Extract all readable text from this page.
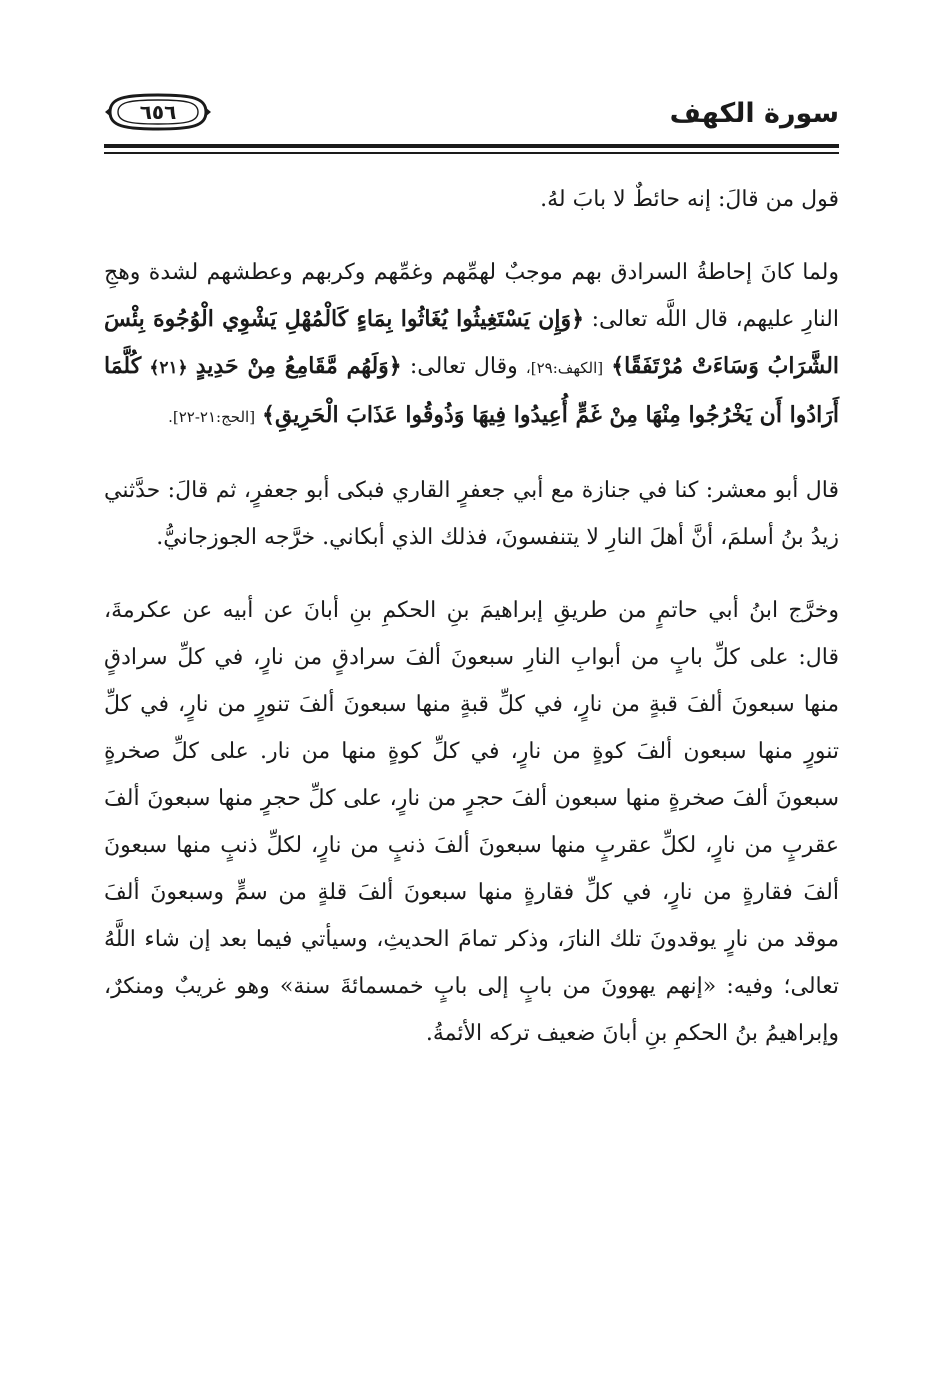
٦٥٦	سورة الكهف

قول من قالَ: إنه حائطٌ لا بابَ لهُ.

ولما كانَ إحاطةُ السرادق بهم موجبٌ لهمِّهم وغمِّهم وكربهم وعطشهم لشدة وهجِ النارِ عليهم، قال اللَّه تعالى: ﴿وَإِن يَسْتَغِيثُوا يُغَاثُوا بِمَاءٍ كَالْمُهْلِ يَشْوِي الْوُجُوهَ بِئْسَ الشَّرَابُ وَسَاءَتْ مُرْتَفَقًا﴾ [الكهف:٢٩]، وقال تعالى: ﴿وَلَهُم مَّقَامِعُ مِنْ حَدِيدٍ ﴿٢١﴾ كُلَّمَا أَرَادُوا أَن يَخْرُجُوا مِنْهَا مِنْ غَمٍّ أُعِيدُوا فِيهَا وَذُوقُوا عَذَابَ الْحَرِيقِ﴾ [الحج:٢١-٢٢].

قال أبو معشر: كنا في جنازة مع أبي جعفرٍ القاري فبكى أبو جعفرٍ، ثم قالَ: حدَّثني زيدُ بنُ أسلمَ، أنَّ أهلَ النارِ لا يتنفسونَ، فذلك الذي أبكاني. خرَّجه الجوزجانيُّ.

وخرَّج ابنُ أبي حاتمٍ من طريقِ إبراهيمَ بنِ الحكمِ بنِ أبانَ عن أبيه عن عكرمةَ، قال: على كلِّ بابٍ من أبوابِ النارِ سبعونَ ألفَ سرادقٍ من نارٍ، في كلِّ سرادقٍ منها سبعونَ ألفَ قبةٍ من نارٍ، في كلِّ قبةٍ منها سبعونَ ألفَ تنورٍ من نارٍ، في كلِّ تنورٍ منها سبعون ألفَ كوةٍ من نارٍ، في كلِّ كوةٍ منها من نار. على كلِّ صخرةٍ سبعونَ ألفَ صخرةٍ منها سبعون ألفَ حجرٍ من نارٍ، على كلِّ حجرٍ منها سبعونَ ألفَ عقربٍ من نارٍ، لكلِّ عقربٍ منها سبعونَ ألفَ ذنبٍ من نارٍ، لكلِّ ذنبٍ منها سبعونَ ألفَ فقارةٍ من نارٍ، في كلِّ فقارةٍ منها سبعونَ ألفَ قلةٍ من سمٍّ وسبعونَ ألفَ موقد من نارٍ يوقدونَ تلك النارَ، وذكر تمامَ الحديثِ، وسيأتي فيما بعد إن شاء اللَّهُ تعالى؛ وفيه: «إنهم يهوونَ من بابٍ إلى بابٍ خمسمائةَ سنة» وهو غريبٌ ومنكرٌ، وإبراهيمُ بنُ الحكمِ بنِ أبانَ ضعيف تركه الأئمةُ.
